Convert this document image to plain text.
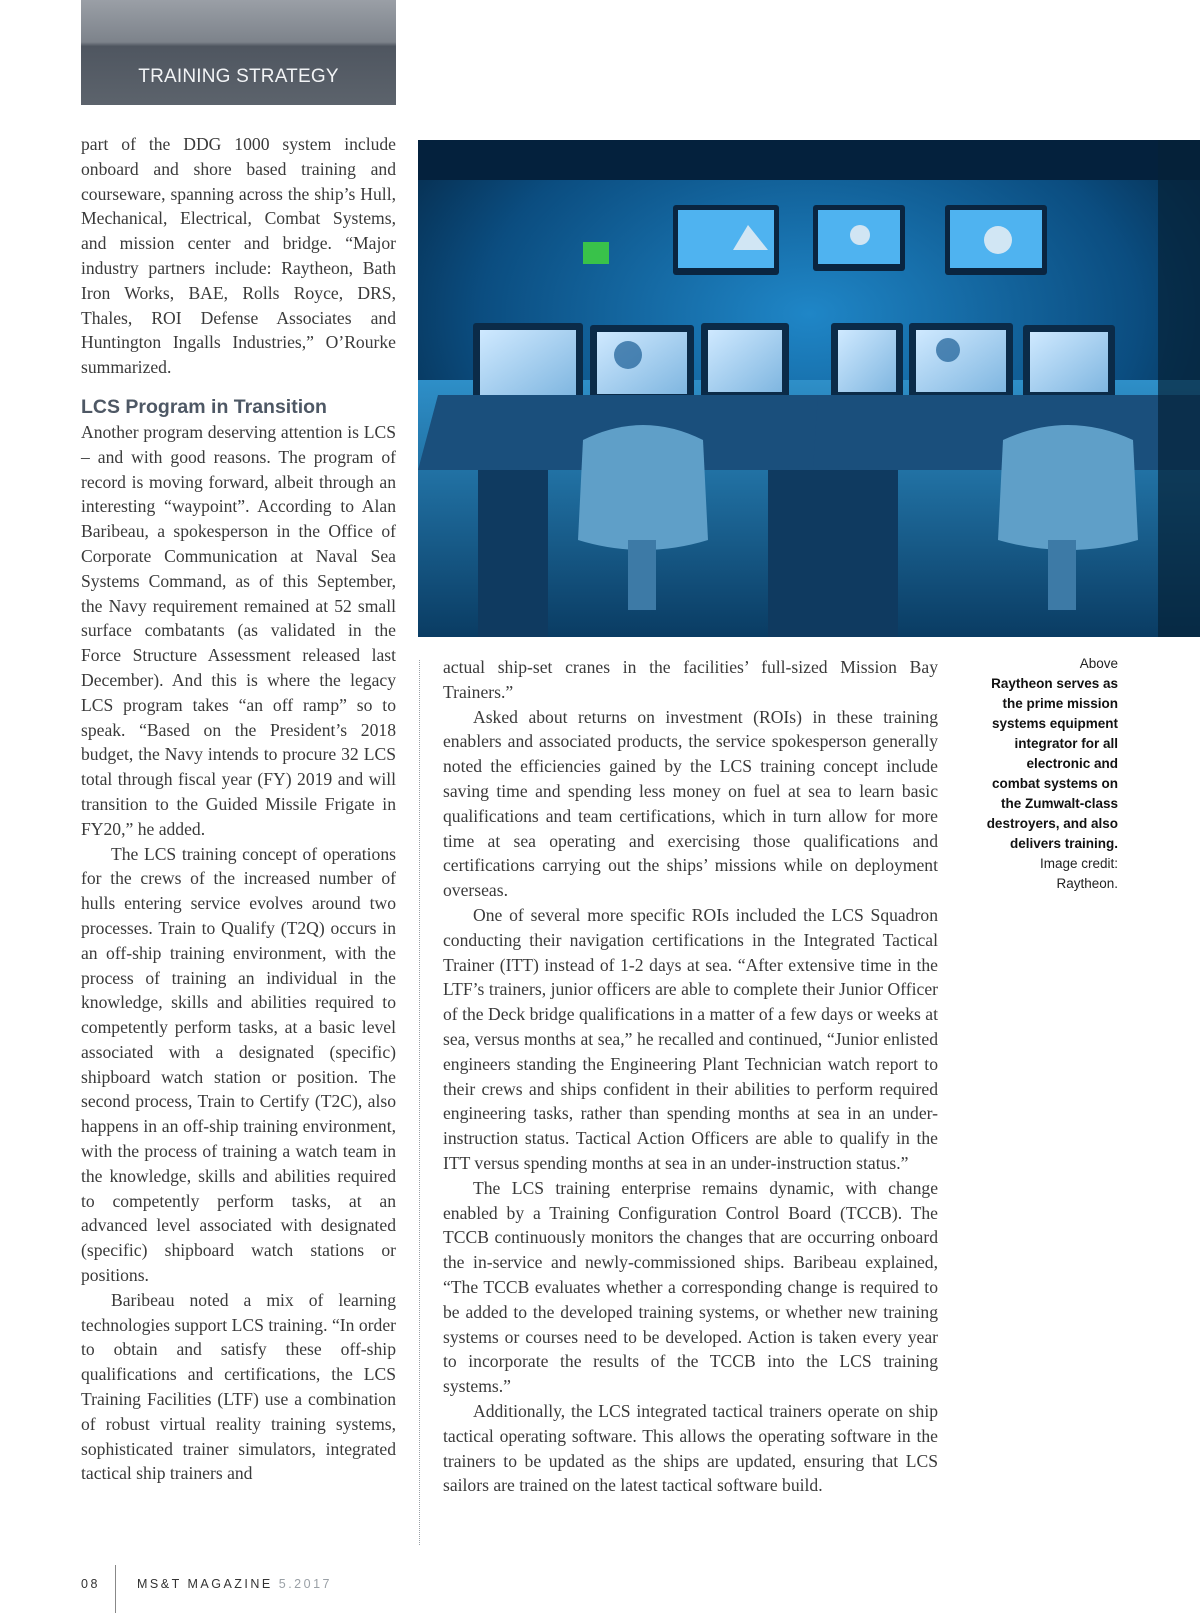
TRAINING STRATEGY

part of the DDG 1000 system include onboard and shore based training and courseware, spanning across the ship’s Hull, Mechanical, Electrical, Combat Systems, and mission center and bridge. “Major industry partners include: Raytheon, Bath Iron Works, BAE, Rolls Royce, DRS, Thales, ROI Defense Associates and Huntington Ingalls Industries,” O’Rourke summarized.

LCS Program in Transition

Another program deserving attention is LCS – and with good reasons. The program of record is moving forward, albeit through an interesting “waypoint”. According to Alan Baribeau, a spokesperson in the Office of Corporate Communication at Naval Sea Systems Command, as of this September, the Navy requirement remained at 52 small surface combatants (as validated in the Force Structure Assessment released last December). And this is where the legacy LCS program takes “an off ramp” so to speak. “Based on the President’s 2018 budget, the Navy intends to procure 32 LCS total through fiscal year (FY) 2019 and will transition to the Guided Missile Frigate in FY20,” he added.

The LCS training concept of operations for the crews of the increased number of hulls entering service evolves around two processes. Train to Qualify (T2Q) occurs in an off-ship training environment, with the process of training an individual in the knowledge, skills and abilities required to competently perform tasks, at a basic level associated with a designated (specific) shipboard watch station or position. The second process, Train to Certify (T2C), also happens in an off-ship training environment, with the process of training a watch team in the knowledge, skills and abilities required to competently perform tasks, at an advanced level associated with designated (specific) shipboard watch stations or positions.

Baribeau noted a mix of learning technologies support LCS training. “In order to obtain and satisfy these off-ship qualifications and certifications, the LCS Training Facilities (LTF) use a combination of robust virtual reality training systems, sophisticated trainer simulators, integrated tactical ship trainers and

actual ship-set cranes in the facilities’ full-sized Mission Bay Trainers.”

Asked about returns on investment (ROIs) in these training enablers and associated products, the service spokesperson generally noted the efficiencies gained by the LCS training concept include saving time and spending less money on fuel at sea to learn basic qualifications and team certifications, which in turn allow for more time at sea operating and exercising those qualifications and certifications carrying out the ships’ missions while on deployment overseas.

One of several more specific ROIs included the LCS Squadron conducting their navigation certifications in the Integrated Tactical Trainer (ITT) instead of 1-2 days at sea. “After extensive time in the LTF’s trainers, junior officers are able to complete their Junior Officer of the Deck bridge qualifications in a matter of a few days or weeks at sea, versus months at sea,” he recalled and continued, “Junior enlisted engineers standing the Engineering Plant Technician watch report to their crews and ships confident in their abilities to perform required engineering tasks, rather than spending months at sea in an under-instruction status. Tactical Action Officers are able to qualify in the ITT versus spending months at sea in an under-instruction status.”

The LCS training enterprise remains dynamic, with change enabled by a Training Configuration Control Board (TCCB). The TCCB continuously monitors the changes that are occurring onboard the in-service and newly-commissioned ships. Baribeau explained, “The TCCB evaluates whether a corresponding change is required to be added to the developed training systems, or whether new training systems or courses need to be developed. Action is taken every year to incorporate the results of the TCCB into the LCS training systems.”

Additionally, the LCS integrated tactical trainers operate on ship tactical operating software. This allows the operating software in the trainers to be updated as the ships are updated, ensuring that LCS sailors are trained on the latest tactical software build.

Above
Raytheon serves as the prime mission systems equipment integrator for all electronic and combat systems on the Zumwalt-class destroyers, and also delivers training.
Image credit: Raytheon.
08	MS&T MAGAZINE 5.2017
